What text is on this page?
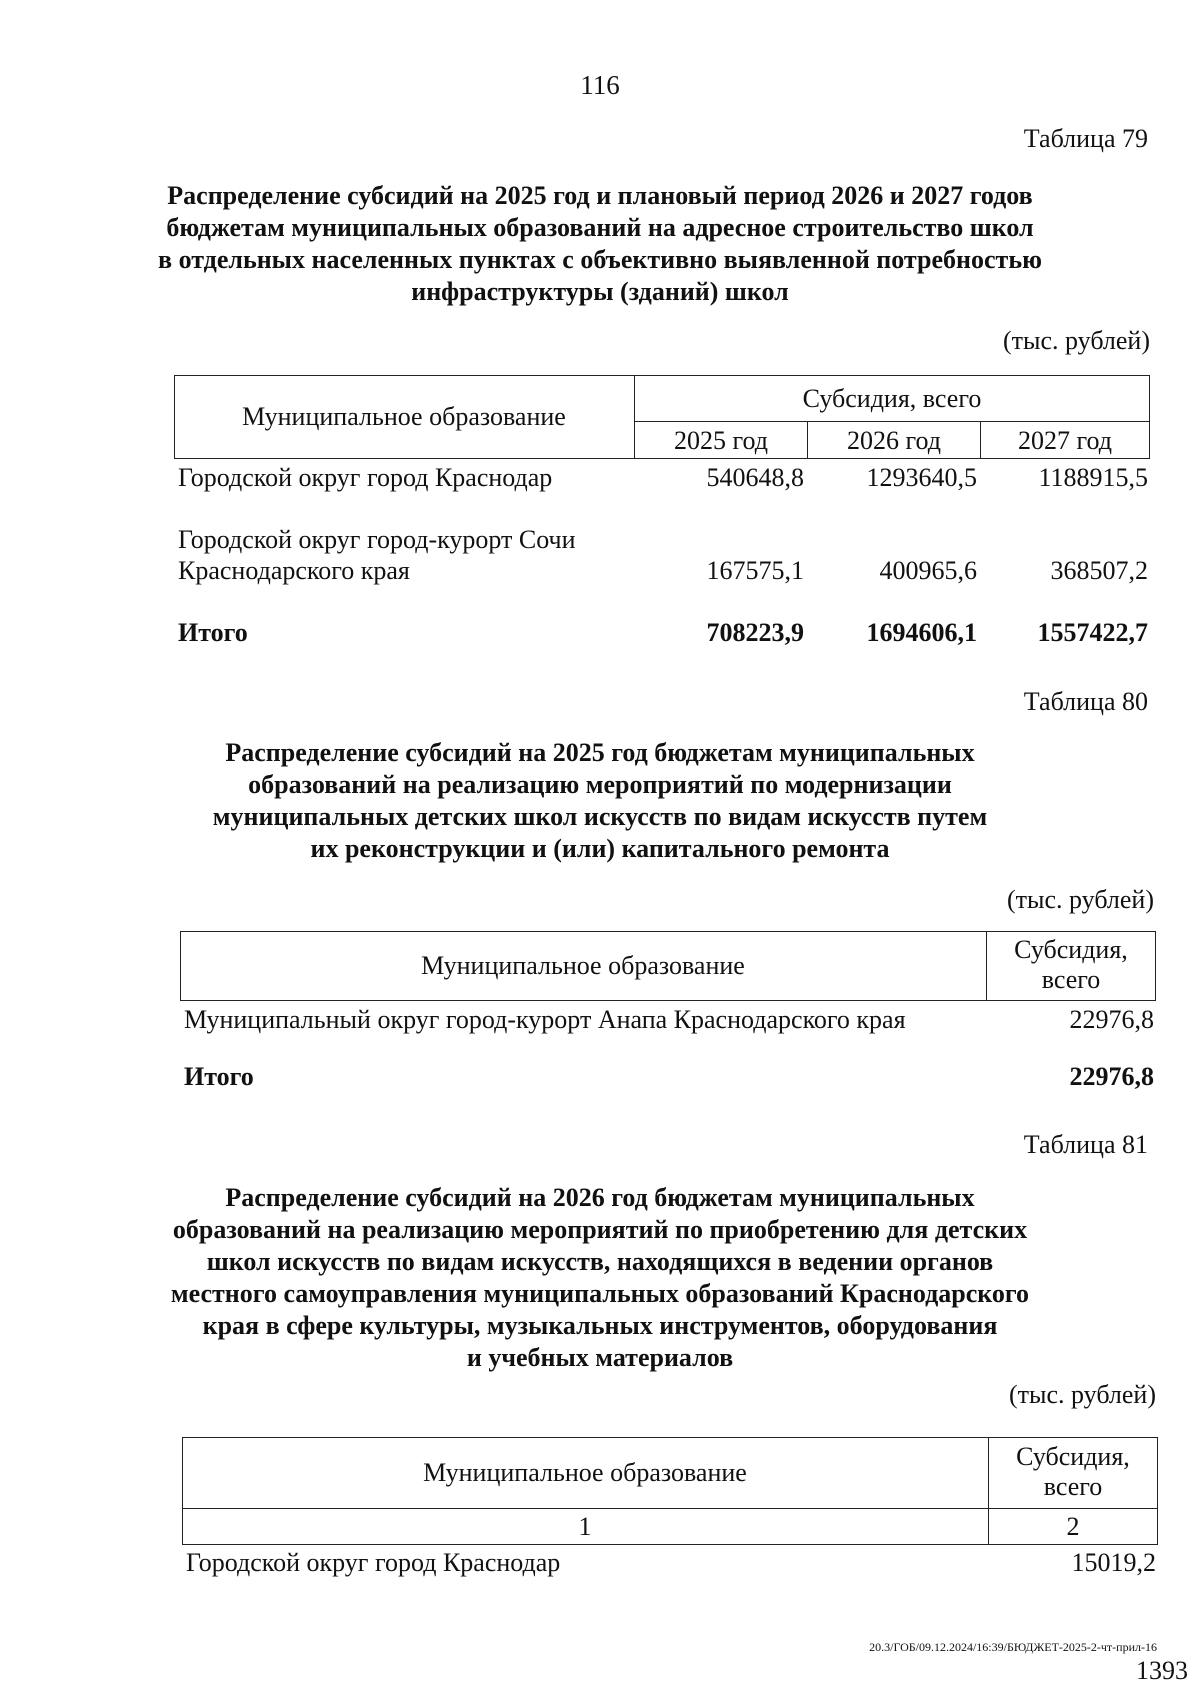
116
Таблица 79
Распределение субсидий на 2025 год и плановый период 2026 и 2027 годов
бюджетам муниципальных образований на адресное строительство школ
в отдельных населенных пунктах с объективно выявленной потребностью
инфраструктуры (зданий) школ
(тыс. рублей)
Муниципальное образование
Субсидия, всего
2025 год	2026 год	2027 год
Городской округ город Краснодар	540648,8	1293640,5	1188915,5
Городской округ город-курорт Сочи
Краснодарского края	167575,1	400965,6	368507,2
Итого	708223,9	1694606,1	1557422,7
Таблица 80
Распределение субсидий на 2025 год бюджетам муниципальных
образований на реализацию мероприятий по модернизации
муниципальных детских школ искусств по видам искусств путем
их реконструкции и (или) капитального ремонта
(тыс. рублей)
Муниципальное образование
Субсидия,
всего
Муниципальный округ город-курорт Анапа Краснодарского края	22976,8
Итого	22976,8
Таблица 81
Распределение субсидий на 2026 год бюджетам муниципальных
образований на реализацию мероприятий по приобретению для детских
школ искусств по видам искусств, находящихся в ведении органов
местного самоуправления муниципальных образований Краснодарского
края в сфере культуры, музыкальных инструментов, оборудования
и учебных материалов
(тыс. рублей)
Муниципальное образование
Субсидия,
всего
1	2
Городской округ город Краснодар	15019,2
20.3/ГОБ/09.12.2024/16:39/БЮДЖЕТ-2025-2-чт-прил-16
1393
